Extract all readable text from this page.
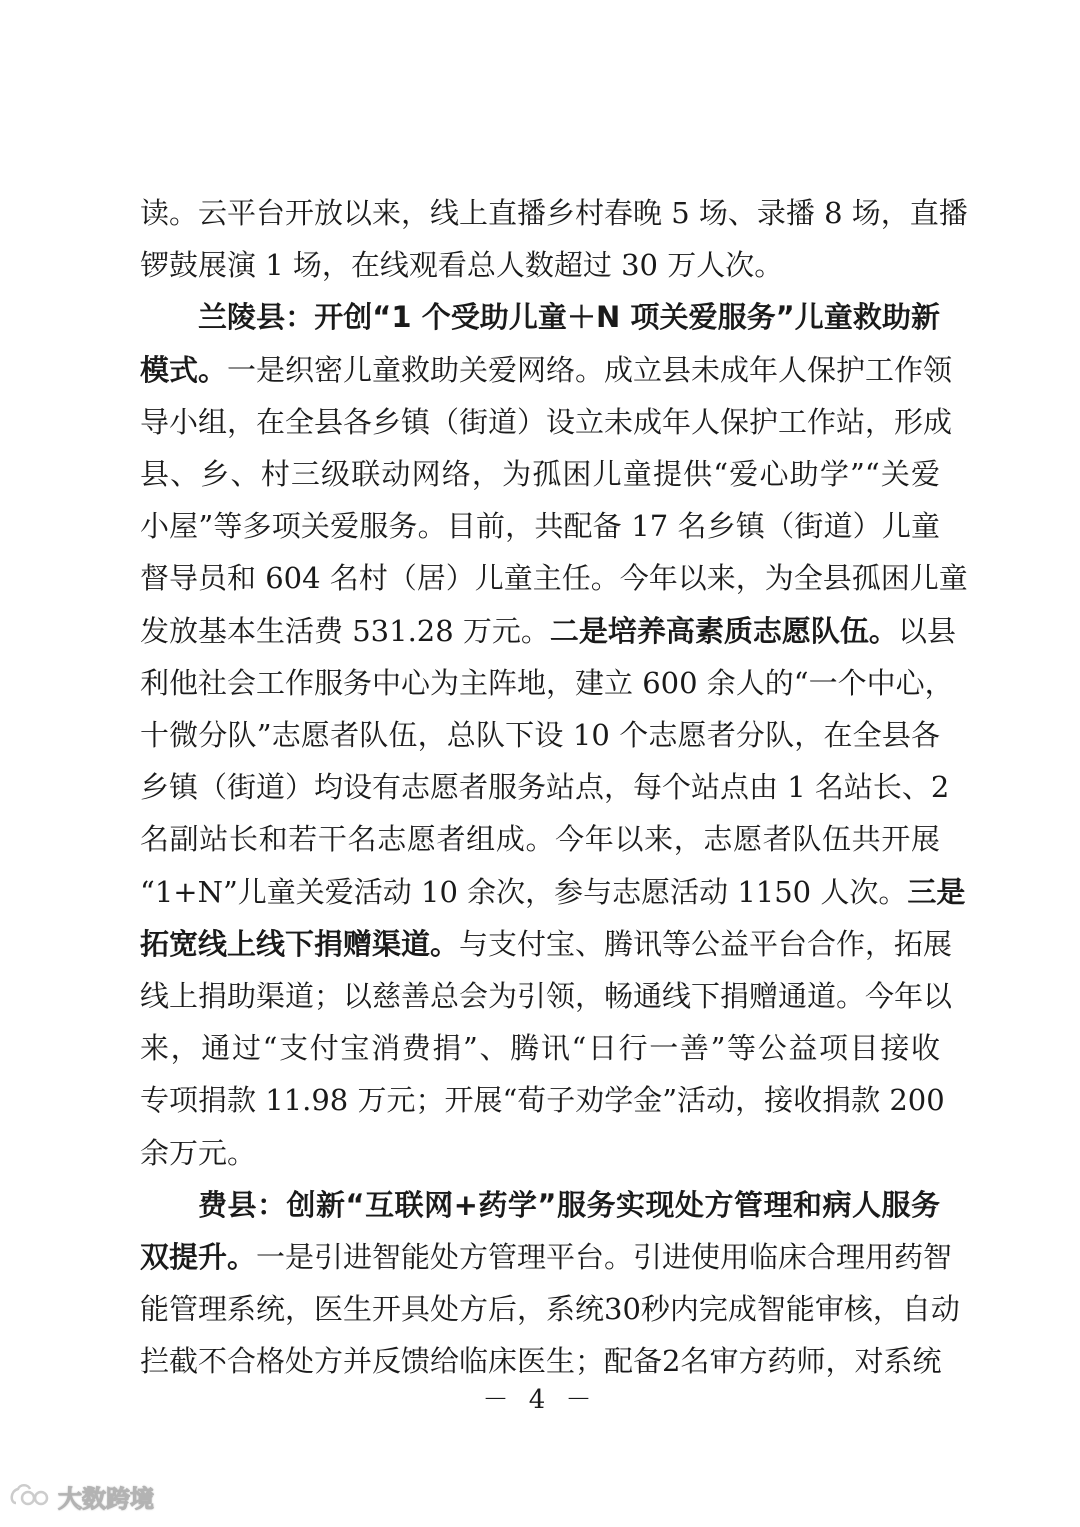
读。云平台开放以来，线上直播乡村春晚 5 场、录播 8 场，直播
锣鼓展演 1 场，在线观看总人数超过 30 万人次。
兰陵县：开创“1 个受助儿童＋N 项关爱服务”儿童救助新
模式。一是织密儿童救助关爱网络。成立县未成年人保护工作领
导小组，在全县各乡镇（街道）设立未成年人保护工作站，形成
县、乡、村三级联动网络，为孤困儿童提供“爱心助学”“关爱
小屋”等多项关爱服务。目前，共配备 17 名乡镇（街道）儿童
督导员和 604 名村（居）儿童主任。今年以来，为全县孤困儿童
发放基本生活费 531.28 万元。二是培养高素质志愿队伍。以县
利他社会工作服务中心为主阵地，建立 600 余人的“一个中心，
十微分队”志愿者队伍，总队下设 10 个志愿者分队，在全县各
乡镇（街道）均设有志愿者服务站点，每个站点由 1 名站长、2
名副站长和若干名志愿者组成。今年以来，志愿者队伍共开展
“1+N”儿童关爱活动 10 余次，参与志愿活动 1150 人次。三是
拓宽线上线下捐赠渠道。与支付宝、腾讯等公益平台合作，拓展
线上捐助渠道；以慈善总会为引领，畅通线下捐赠通道。今年以
来，通过“支付宝消费捐”、腾讯“日行一善”等公益项目接收
专项捐款 11.98 万元；开展“荀子劝学金”活动，接收捐款 200
余万元。
费县：创新“互联网+药学”服务实现处方管理和病人服务
双提升。一是引进智能处方管理平台。引进使用临床合理用药智
能管理系统，医生开具处方后，系统30秒内完成智能审核，自动
拦截不合格处方并反馈给临床医生；配备2名审方药师，对系统
－ 4 －
大数跨境
